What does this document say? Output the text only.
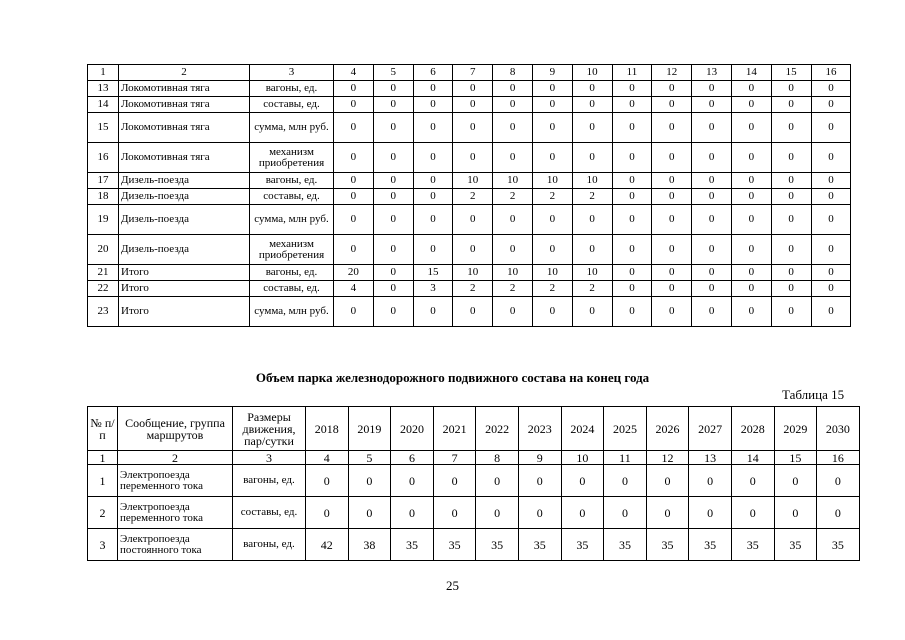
1	2	3	4	5	6	7	8	9	10	11	12	13	14	15	16
13	Локомотивная тяга	вагоны, ед.	0	0	0	0	0	0	0	0	0	0	0	0	0
14	Локомотивная тяга	составы, ед.	0	0	0	0	0	0	0	0	0	0	0	0	0
15	Локомотивная тяга	сумма, млн руб.	0	0	0	0	0	0	0	0	0	0	0	0	0
16	Локомотивная тяга	механизм приобретения	0	0	0	0	0	0	0	0	0	0	0	0	0
17	Дизель-поезда	вагоны, ед.	0	0	0	10	10	10	10	0	0	0	0	0	0
18	Дизель-поезда	составы, ед.	0	0	0	2	2	2	2	0	0	0	0	0	0
19	Дизель-поезда	сумма, млн руб.	0	0	0	0	0	0	0	0	0	0	0	0	0
20	Дизель-поезда	механизм приобретения	0	0	0	0	0	0	0	0	0	0	0	0	0
21	Итого	вагоны, ед.	20	0	15	10	10	10	10	0	0	0	0	0	0
22	Итого	составы, ед.	4	0	3	2	2	2	2	0	0	0	0	0	0
23	Итого	сумма, млн руб.	0	0	0	0	0	0	0	0	0	0	0	0	0
Объем парка железнодорожного подвижного состава на конец года
Таблица 15
№ п/п	Сообщение, группа маршрутов	Размеры движения, пар/сутки	2018	2019	2020	2021	2022	2023	2024	2025	2026	2027	2028	2029	2030
1	2	3	4	5	6	7	8	9	10	11	12	13	14	15	16
1	Электропоезда переменного тока	вагоны, ед.	0	0	0	0	0	0	0	0	0	0	0	0	0
2	Электропоезда переменного тока	составы, ед.	0	0	0	0	0	0	0	0	0	0	0	0	0
3	Электропоезда постоянного тока	вагоны, ед.	42	38	35	35	35	35	35	35	35	35	35	35	35
25
